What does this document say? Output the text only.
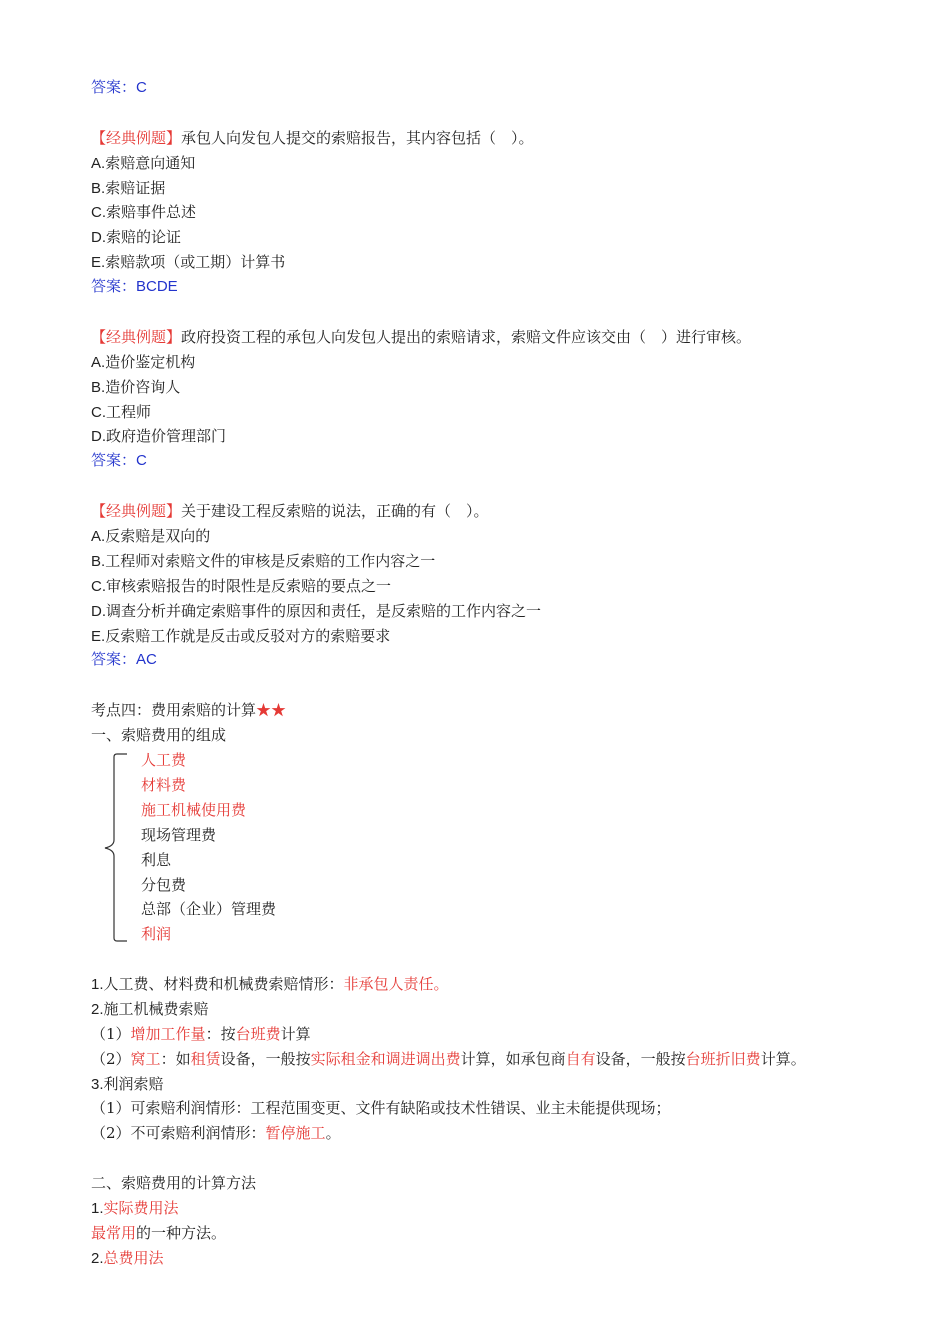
答案：C
【经典例题】承包人向发包人提交的索赔报告，其内容包括（　）。
A.索赔意向通知
B.索赔证据
C.索赔事件总述
D.索赔的论证
E.索赔款项（或工期）计算书
答案：BCDE
【经典例题】政府投资工程的承包人向发包人提出的索赔请求，索赔文件应该交由（　）进行审核。
A.造价鉴定机构
B.造价咨询人
C.工程师
D.政府造价管理部门
答案：C
【经典例题】关于建设工程反索赔的说法，正确的有（　）。
A.反索赔是双向的
B.工程师对索赔文件的审核是反索赔的工作内容之一
C.审核索赔报告的时限性是反索赔的要点之一
D.调查分析并确定索赔事件的原因和责任，是反索赔的工作内容之一
E.反索赔工作就是反击或反驳对方的索赔要求
答案：AC
考点四：费用索赔的计算★★
一、索赔费用的组成
人工费
材料费
施工机械使用费
现场管理费
利息
分包费
总部（企业）管理费
利润
1.人工费、材料费和机械费索赔情形：非承包人责任。
2.施工机械费索赔
（1）增加工作量：按台班费计算
（2）窝工：如租赁设备，一般按实际租金和调进调出费计算，如承包商自有设备，一般按台班折旧费计算。
3.利润索赔
（1）可索赔利润情形：工程范围变更、文件有缺陷或技术性错误、业主未能提供现场；
（2）不可索赔利润情形：暂停施工。
二、索赔费用的计算方法
1.实际费用法
最常用的一种方法。
2.总费用法
